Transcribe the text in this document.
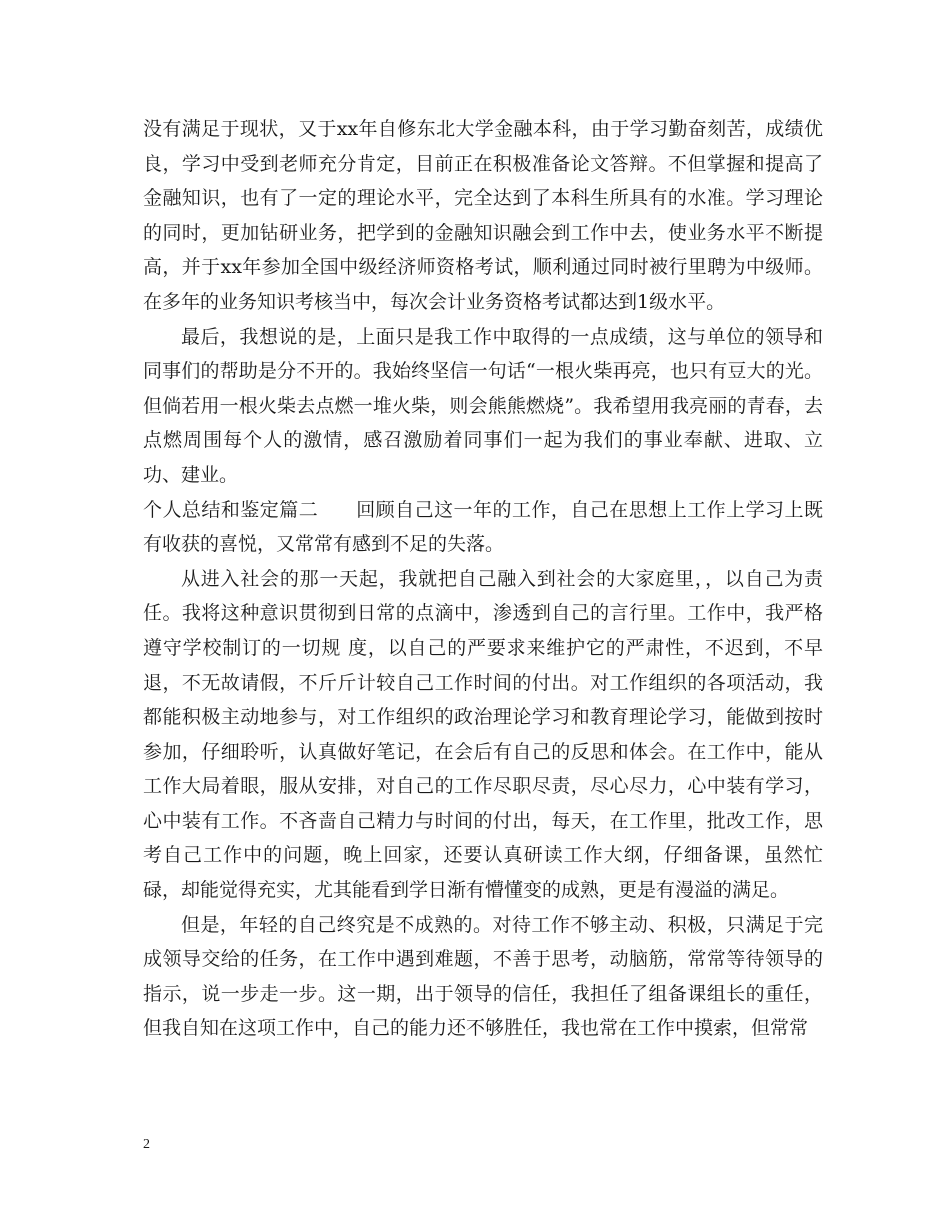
没有满足于现状，又于xx年自修东北大学金融本科，由于学习勤奋刻苦，成绩优良，学习中受到老师充分肯定，目前正在积极准备论文答辩。不但掌握和提高了金融知识，也有了一定的理论水平，完全达到了本科生所具有的水准。学习理论的同时，更加钻研业务，把学到的金融知识融会到工作中去，使业务水平不断提高，并于xx年参加全国中级经济师资格考试，顺利通过同时被行里聘为中级师。在多年的业务知识考核当中，每次会计业务资格考试都达到1级水平。

最后，我想说的是，上面只是我工作中取得的一点成绩，这与单位的领导和同事们的帮助是分不开的。我始终坚信一句话“一根火柴再亮，也只有豆大的光。但倘若用一根火柴去点燃一堆火柴，则会熊熊燃烧”。我希望用我亮丽的青春，去点燃周围每个人的激情，感召激励着同事们一起为我们的事业奉献、进取、立功、建业。

个人总结和鉴定篇二 回顾自己这一年的工作，自己在思想上工作上学习上既有收获的喜悦，又常常有感到不足的失落。

从进入社会的那一天起，我就把自己融入到社会的大家庭里，，以自己为责任。我将这种意识贯彻到日常的点滴中，渗透到自己的言行里。工作中，我严格遵守学校制订的一切规 度，以自己的严要求来维护它的严肃性，不迟到，不早退，不无故请假，不斤斤计较自己工作时间的付出。对工作组织的各项活动，我都能积极主动地参与，对工作组织的政治理论学习和教育理论学习，能做到按时参加，仔细聆听，认真做好笔记，在会后有自己的反思和体会。在工作中，能从工作大局着眼，服从安排，对自己的工作尽职尽责，尽心尽力，心中装有学习，心中装有工作。不吝啬自己精力与时间的付出，每天，在工作里，批改工作，思考自己工作中的问题，晚上回家，还要认真研读工作大纲，仔细备课，虽然忙碌，却能觉得充实，尤其能看到学日渐有懵懂变的成熟，更是有漫溢的满足。

但是，年轻的自己终究是不成熟的。对待工作不够主动、积极，只满足于完成领导交给的任务，在工作中遇到难题，不善于思考，动脑筋，常常等待领导的指示，说一步走一步。这一期，出于领导的信任，我担任了组备课组长的重任，但我自知在这项工作中，自己的能力还不够胜任，我也常在工作中摸索，但常常

2
